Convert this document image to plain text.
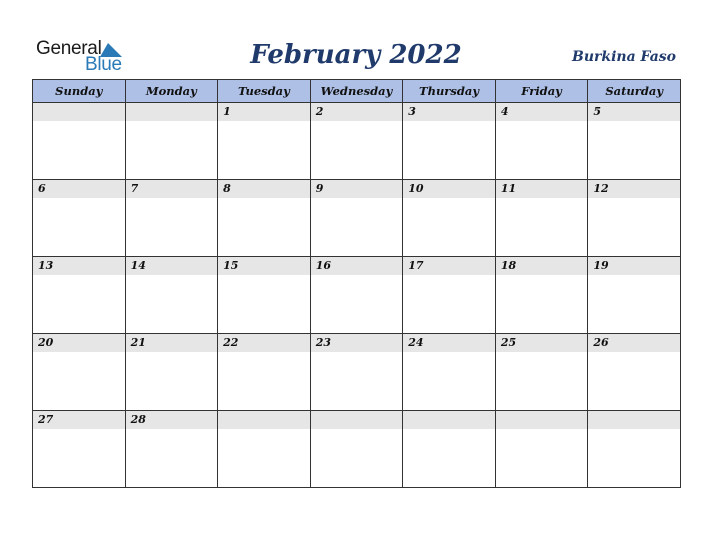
General
Blue	February 2022	Burkina Faso
Sunday	Monday	Tuesday	Wednesday	Thursday	Friday	Saturday

		1	2	3	4	5

6	7	8	9	10	11	12

13	14	15	16	17	18	19

20	21	22	23	24	25	26

27	28					
